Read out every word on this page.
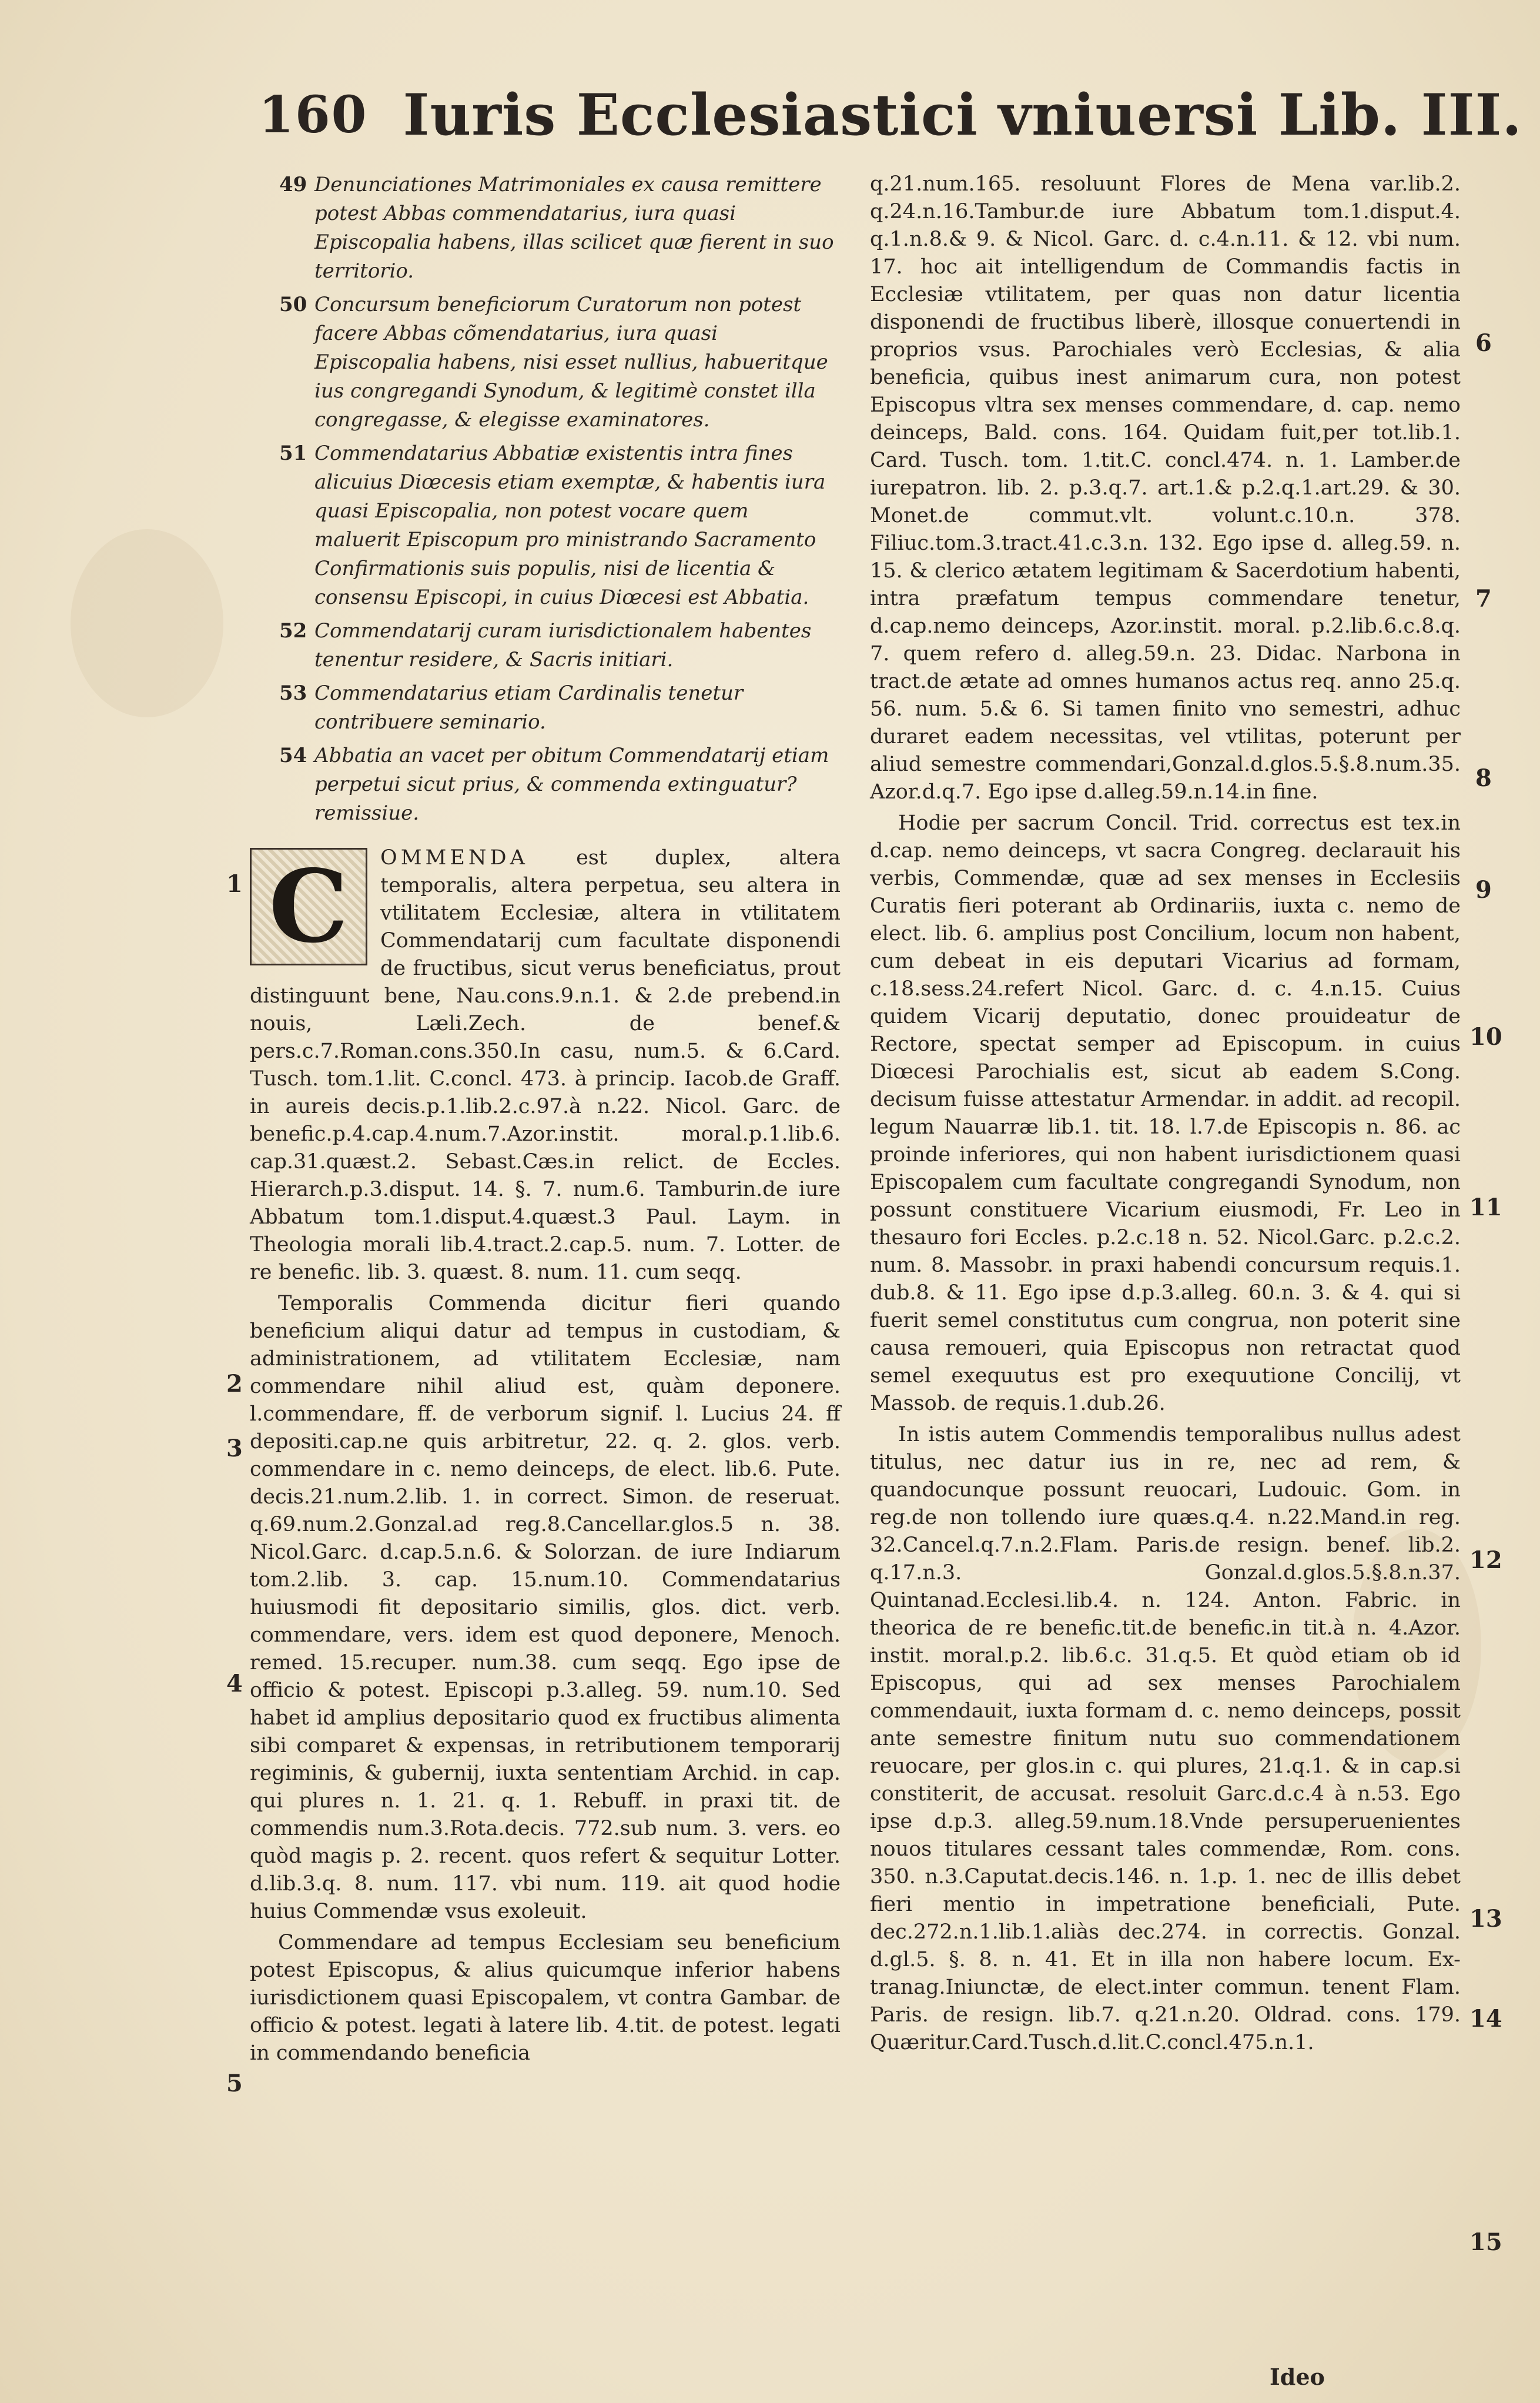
160 Iuris Ecclesiastici vniuersi Lib. III.
49 Denunciationes Matrimoniales ex causa remittere potest Abbas commendatarius, iura quasi Episcopalia habens, illas scilicet quæ fierent in suo territorio.
50 Concursum beneficiorum Curatorum non potest facere Abbas cõmendatarius, iura quasi Episcopalia habens, nisi esset nullius, habueritque ius congregandi Synodum, & legitimè constet illa congregasse, & elegisse examinatores.
51 Commendatarius Abbatiæ existentis intra fines alicuius Diœcesis etiam exemptæ, & habentis iura quasi Episcopalia, non potest vocare quem maluerit Episcopum pro ministrando Sacramento Confirmationis suis populis, nisi de licentia & consensu Episcopi, in cuius Diœcesi est Abbatia.
52 Commendatarij curam iurisdictionalem habentes tenentur residere, & Sacris initiari.
53 Commendatarius etiam Cardinalis tenetur contribuere seminario.
54 Abbatia an vacet per obitum Commendatarij etiam perpetui sicut prius, & commenda extinguatur? remissiue.

C	OMMENDA est duplex, altera temporalis, altera perpetua, seu altera in vtilitatem Ecclesiæ, altera in vtilitatem Commendatarij cum facultate disponendi de fructibus, sicut verus beneficiatus, prout distinguunt bene, Nau.cons.9.n.1. & 2.de prebend.in nouis, Læli.Zech. de benef.& pers.c.7.Roman.cons.350.In casu, num.5. & 6.Card. Tusch. tom.1.lit. C.concl. 473. à princip. Iacob.de Graff. in aureis decis.p.1.lib.2.c.97.à n.22. Nicol. Garc. de benefic.p.4.cap.4.num.7.Azor.instit. moral.p.1.lib.6. cap.31.quæst.2. Sebast.Cæs.in relict. de Eccles. Hierarch.p.3.disput. 14. §. 7. num.6. Tamburin.de iure Abbatum tom.1.disput.4.quæst.3 Paul. Laym. in Theologia morali lib.4.tract.2.cap.5. num. 7. Lotter. de re benefic. lib. 3. quæst. 8. num. 11. cum seqq.

Temporalis Commenda dicitur fieri quando beneficium aliqui datur ad tempus in custodiam, & administrationem, ad vtilitatem Ecclesiæ, nam commendare nihil aliud est, quàm deponere. l.commendare, ff. de verborum signif. l. Lucius 24. ff depositi.cap.ne quis arbitretur, 22. q. 2. glos. verb. commendare in c. nemo deinceps, de elect. lib.6. Pute. decis.21.num.2.lib. 1. in correct. Simon. de reseruat. q.69.num.2.Gonzal.ad reg.8.Cancellar.glos.5 n. 38. Nicol.Garc. d.cap.5.n.6. & Solorzan. de iure Indiarum tom.2.lib. 3. cap. 15.num.10. Commendatarius huiusmodi fit depositario similis, glos. dict. verb. commendare, vers. idem est quod deponere, Menoch. remed. 15.recuper. num.38. cum seqq. Ego ipse de officio & potest. Episcopi p.3.alleg. 59. num.10. Sed habet id amplius depositario quod ex fructibus alimenta sibi comparet & expensas, in retributionem temporarij regiminis, & gubernij, iuxta sententiam Archid. in cap. qui plures n. 1. 21. q. 1. Rebuff. in praxi tit. de commendis num.3.Rota.decis. 772.sub num. 3. vers. eo quòd magis p. 2. recent. quos refert & sequitur Lotter. d.lib.3.q. 8. num. 117. vbi num. 119. ait quod hodie huius Commendæ vsus exoleuit.

Commendare ad tempus Ecclesiam seu beneficium potest Episcopus, & alius quicumque inferior habens iurisdictionem quasi Episcopalem, vt contra Gambar. de officio & potest. legati à latere lib. 4.tit. de potest. legati in commendando beneficia

q.21.num.165. resoluunt Flores de Mena var.lib.2. q.24.n.16.Tambur.de iure Abbatum tom.1.disput.4. q.1.n.8.& 9. & Nicol. Garc. d. c.4.n.11. & 12. vbi num. 17. hoc ait intelligendum de Commandis factis in Ecclesiæ vtilitatem, per quas non datur licentia disponendi de fructibus liberè, illosque conuertendi in proprios vsus. Parochiales verò Ecclesias, & alia beneficia, quibus inest animarum cura, non potest Episcopus vltra sex menses commendare, d. cap. nemo deinceps, Bald. cons. 164. Quidam fuit,per tot.lib.1. Card. Tusch. tom. 1.tit.C. concl.474. n. 1. Lamber.de iurepatron. lib. 2. p.3.q.7. art.1.& p.2.q.1.art.29. & 30. Monet.de commut.vlt. volunt.c.10.n. 378. Filiuc.tom.3.tract.41.c.3.n. 132. Ego ipse d. alleg.59. n. 15. & clerico ætatem legitimam & Sacerdotium habenti, intra præfatum tempus commendare tenetur, d.cap.nemo deinceps, Azor.instit. moral. p.2.lib.6.c.8.q. 7. quem refero d. alleg.59.n. 23. Didac. Narbona in tract.de ætate ad omnes humanos actus req. anno 25.q. 56. num. 5.& 6. Si tamen finito vno semestri, adhuc duraret eadem necessitas, vel vtilitas, poterunt per aliud semestre commendari,Gonzal.d.glos.5.§.8.num.35. Azor.d.q.7. Ego ipse d.alleg.59.n.14.in fine.

Hodie per sacrum Concil. Trid. correctus est tex.in d.cap. nemo deinceps, vt sacra Congreg. declarauit his verbis, Commendæ, quæ ad sex menses in Ecclesiis Curatis fieri poterant ab Ordinariis, iuxta c. nemo de elect. lib. 6. amplius post Concilium, locum non habent, cum debeat in eis deputari Vicarius ad formam, c.18.sess.24.refert Nicol. Garc. d. c. 4.n.15. Cuius quidem Vicarij deputatio, donec prouideatur de Rectore, spectat semper ad Episcopum. in cuius Diœcesi Parochialis est, sicut ab eadem S.Cong. decisum fuisse attestatur Armendar. in addit. ad recopil. legum Nauarræ lib.1. tit. 18. l.7.de Episcopis n. 86. ac proinde inferiores, qui non habent iurisdictionem quasi Episcopalem cum facultate congregandi Synodum, non possunt constituere Vicarium eiusmodi, Fr. Leo in thesauro fori Eccles. p.2.c.18 n. 52. Nicol.Garc. p.2.c.2. num. 8. Massobr. in praxi habendi concursum requis.1. dub.8. & 11. Ego ipse d.p.3.alleg. 60.n. 3. & 4. qui si fuerit semel constitutus cum congrua, non poterit sine causa remoueri, quia Episcopus non retractat quod semel exequutus est pro exequutione Concilij, vt Massob. de requis.1.dub.26.

In istis autem Commendis temporalibus nullus adest titulus, nec datur ius in re, nec ad rem, & quandocunque possunt reuocari, Ludouic. Gom. in reg.de non tollendo iure quæs.q.4. n.22.Mand.in reg. 32.Cancel.q.7.n.2.Flam. Paris.de resign. benef. lib.2. q.17.n.3. Gonzal.d.glos.5.§.8.n.37. Quintanad.Ecclesi.lib.4. n. 124. Anton. Fabric. in theorica de re benefic.tit.de benefic.in tit.à n. 4.Azor. instit. moral.p.2. lib.6.c. 31.q.5. Et quòd etiam ob id Episcopus, qui ad sex menses Parochialem commendauit, iuxta formam d. c. nemo deinceps, possit ante semestre finitum nutu suo commendationem reuocare, per glos.in c. qui plures, 21.q.1. & in cap.si constiterit, de accusat. resoluit Garc.d.c.4 à n.53. Ego ipse d.p.3. alleg.59.num.18.Vnde persuperuenientes nouos titulares cessant tales commendæ, Rom. cons. 350. n.3.Caputat.decis.146. n. 1.p. 1. nec de illis debet fieri mentio in impetratione beneficiali, Pute. dec.272.n.1.lib.1.aliàs dec.274. in correctis. Gonzal. d.gl.5. §. 8. n. 41. Et in illa non habere locum. Ex-tranag.Iniunctæ, de elect.inter commun. tenent Flam. Paris. de resign. lib.7. q.21.n.20. Oldrad. cons. 179. Quæritur.Card.Tusch.d.lit.C.concl.475.n.1.

1
2
3
4
5
6
7
8
9
10
11
12
13
14
15
Ideo
